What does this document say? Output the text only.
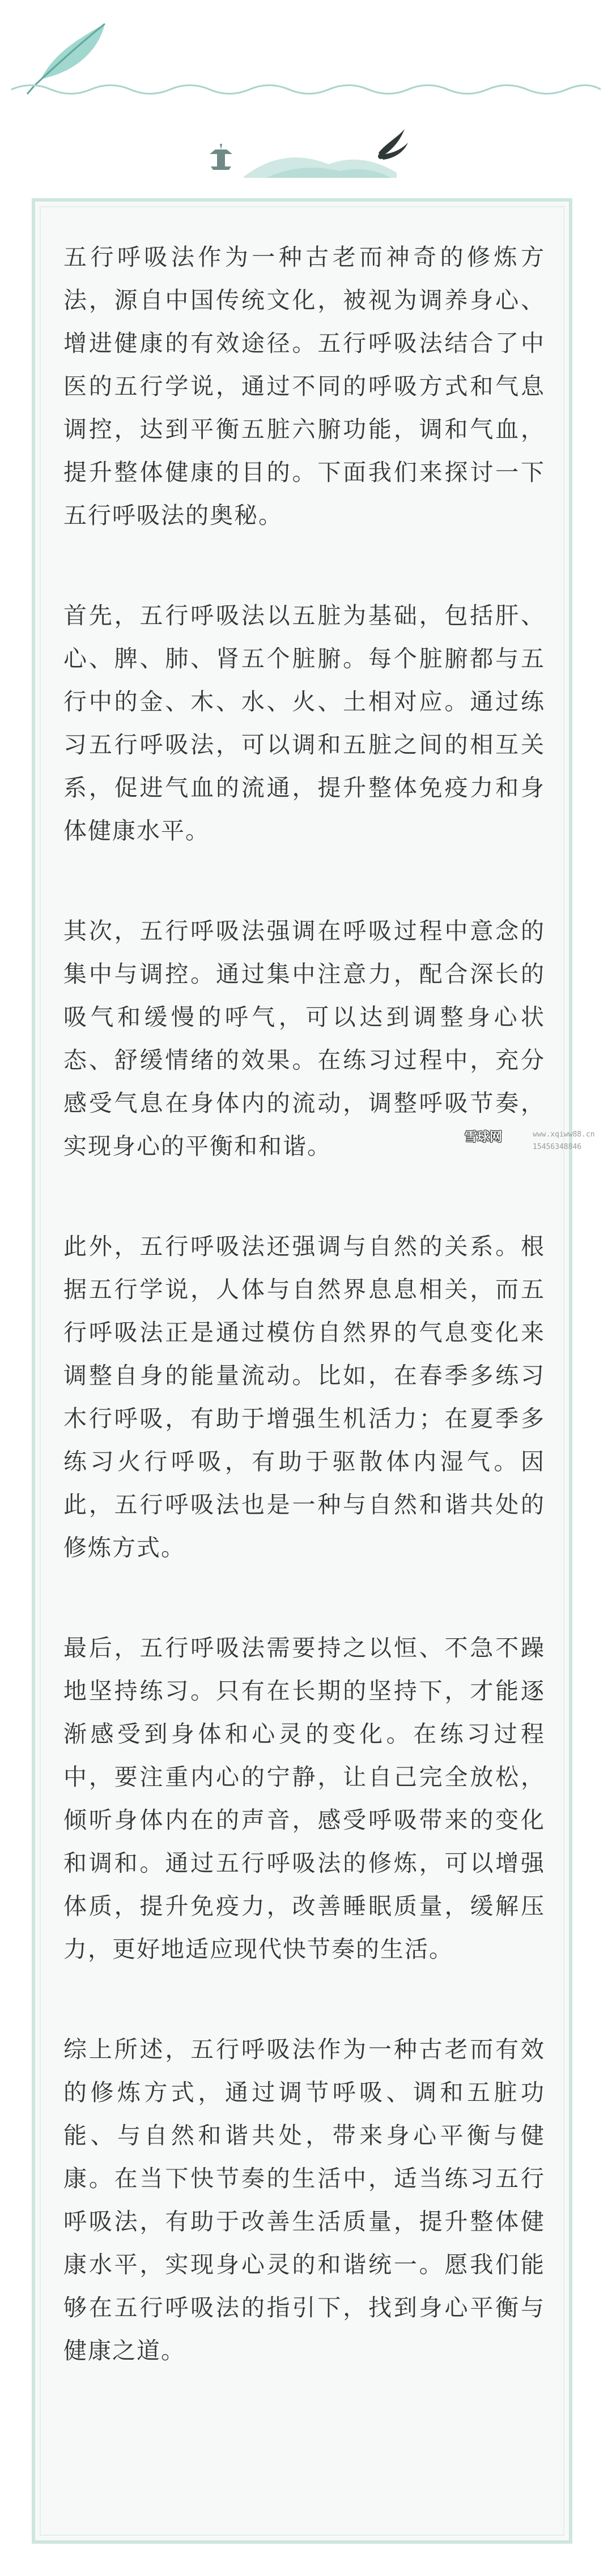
五行呼吸法作为一种古老而神奇的修炼方法，源自中国传统文化，被视为调养身心、增进健康的有效途径。五行呼吸法结合了中医的五行学说，通过不同的呼吸方式和气息调控，达到平衡五脏六腑功能，调和气血，提升整体健康的目的。下面我们来探讨一下五行呼吸法的奥秘。

首先，五行呼吸法以五脏为基础，包括肝、心、脾、肺、肾五个脏腑。每个脏腑都与五行中的金、木、水、火、土相对应。通过练习五行呼吸法，可以调和五脏之间的相互关系，促进气血的流通，提升整体免疫力和身体健康水平。

其次，五行呼吸法强调在呼吸过程中意念的集中与调控。通过集中注意力，配合深长的吸气和缓慢的呼气，可以达到调整身心状态、舒缓情绪的效果。在练习过程中，充分感受气息在身体内的流动，调整呼吸节奏，实现身心的平衡和和谐。

此外，五行呼吸法还强调与自然的关系。根据五行学说，人体与自然界息息相关，而五行呼吸法正是通过模仿自然界的气息变化来调整自身的能量流动。比如，在春季多练习木行呼吸，有助于增强生机活力；在夏季多练习火行呼吸，有助于驱散体内湿气。因此，五行呼吸法也是一种与自然和谐共处的修炼方式。

最后，五行呼吸法需要持之以恒、不急不躁地坚持练习。只有在长期的坚持下，才能逐渐感受到身体和心灵的变化。在练习过程中，要注重内心的宁静，让自己完全放松，倾听身体内在的声音，感受呼吸带来的变化和调和。通过五行呼吸法的修炼，可以增强体质，提升免疫力，改善睡眠质量，缓解压力，更好地适应现代快节奏的生活。

综上所述，五行呼吸法作为一种古老而有效的修炼方式，通过调节呼吸、调和五脏功能、与自然和谐共处，带来身心平衡与健康。在当下快节奏的生活中，适当练习五行呼吸法，有助于改善生活质量，提升整体健康水平，实现身心灵的和谐统一。愿我们能够在五行呼吸法的指引下，找到身心平衡与健康之道。

雪球网	www.xqiww88.cn
15456348846
